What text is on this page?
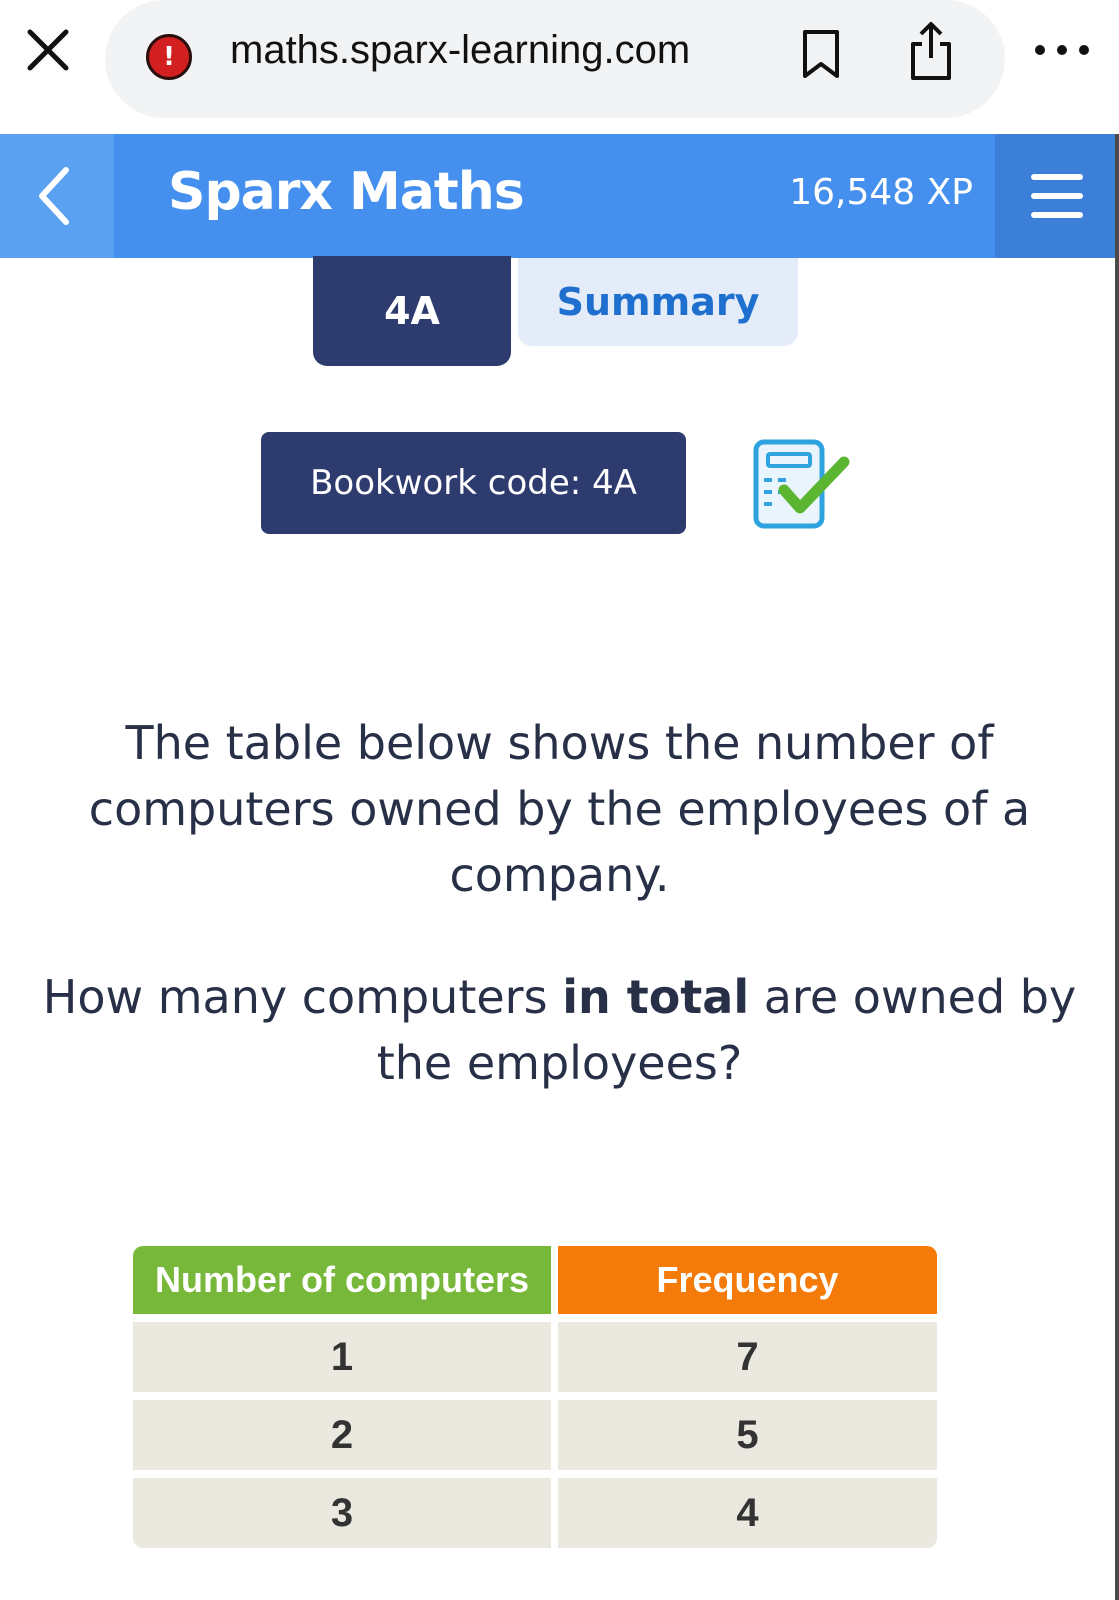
!	maths.sparx-learning.com
Sparx Maths	16,548 XP
4A	Summary
Bookwork code: 4A
The table below shows the number of computers owned by the employees of a company.
How many computers in total are owned by the employees?
Number of computers	Frequency
1	7
2	5
3	4
